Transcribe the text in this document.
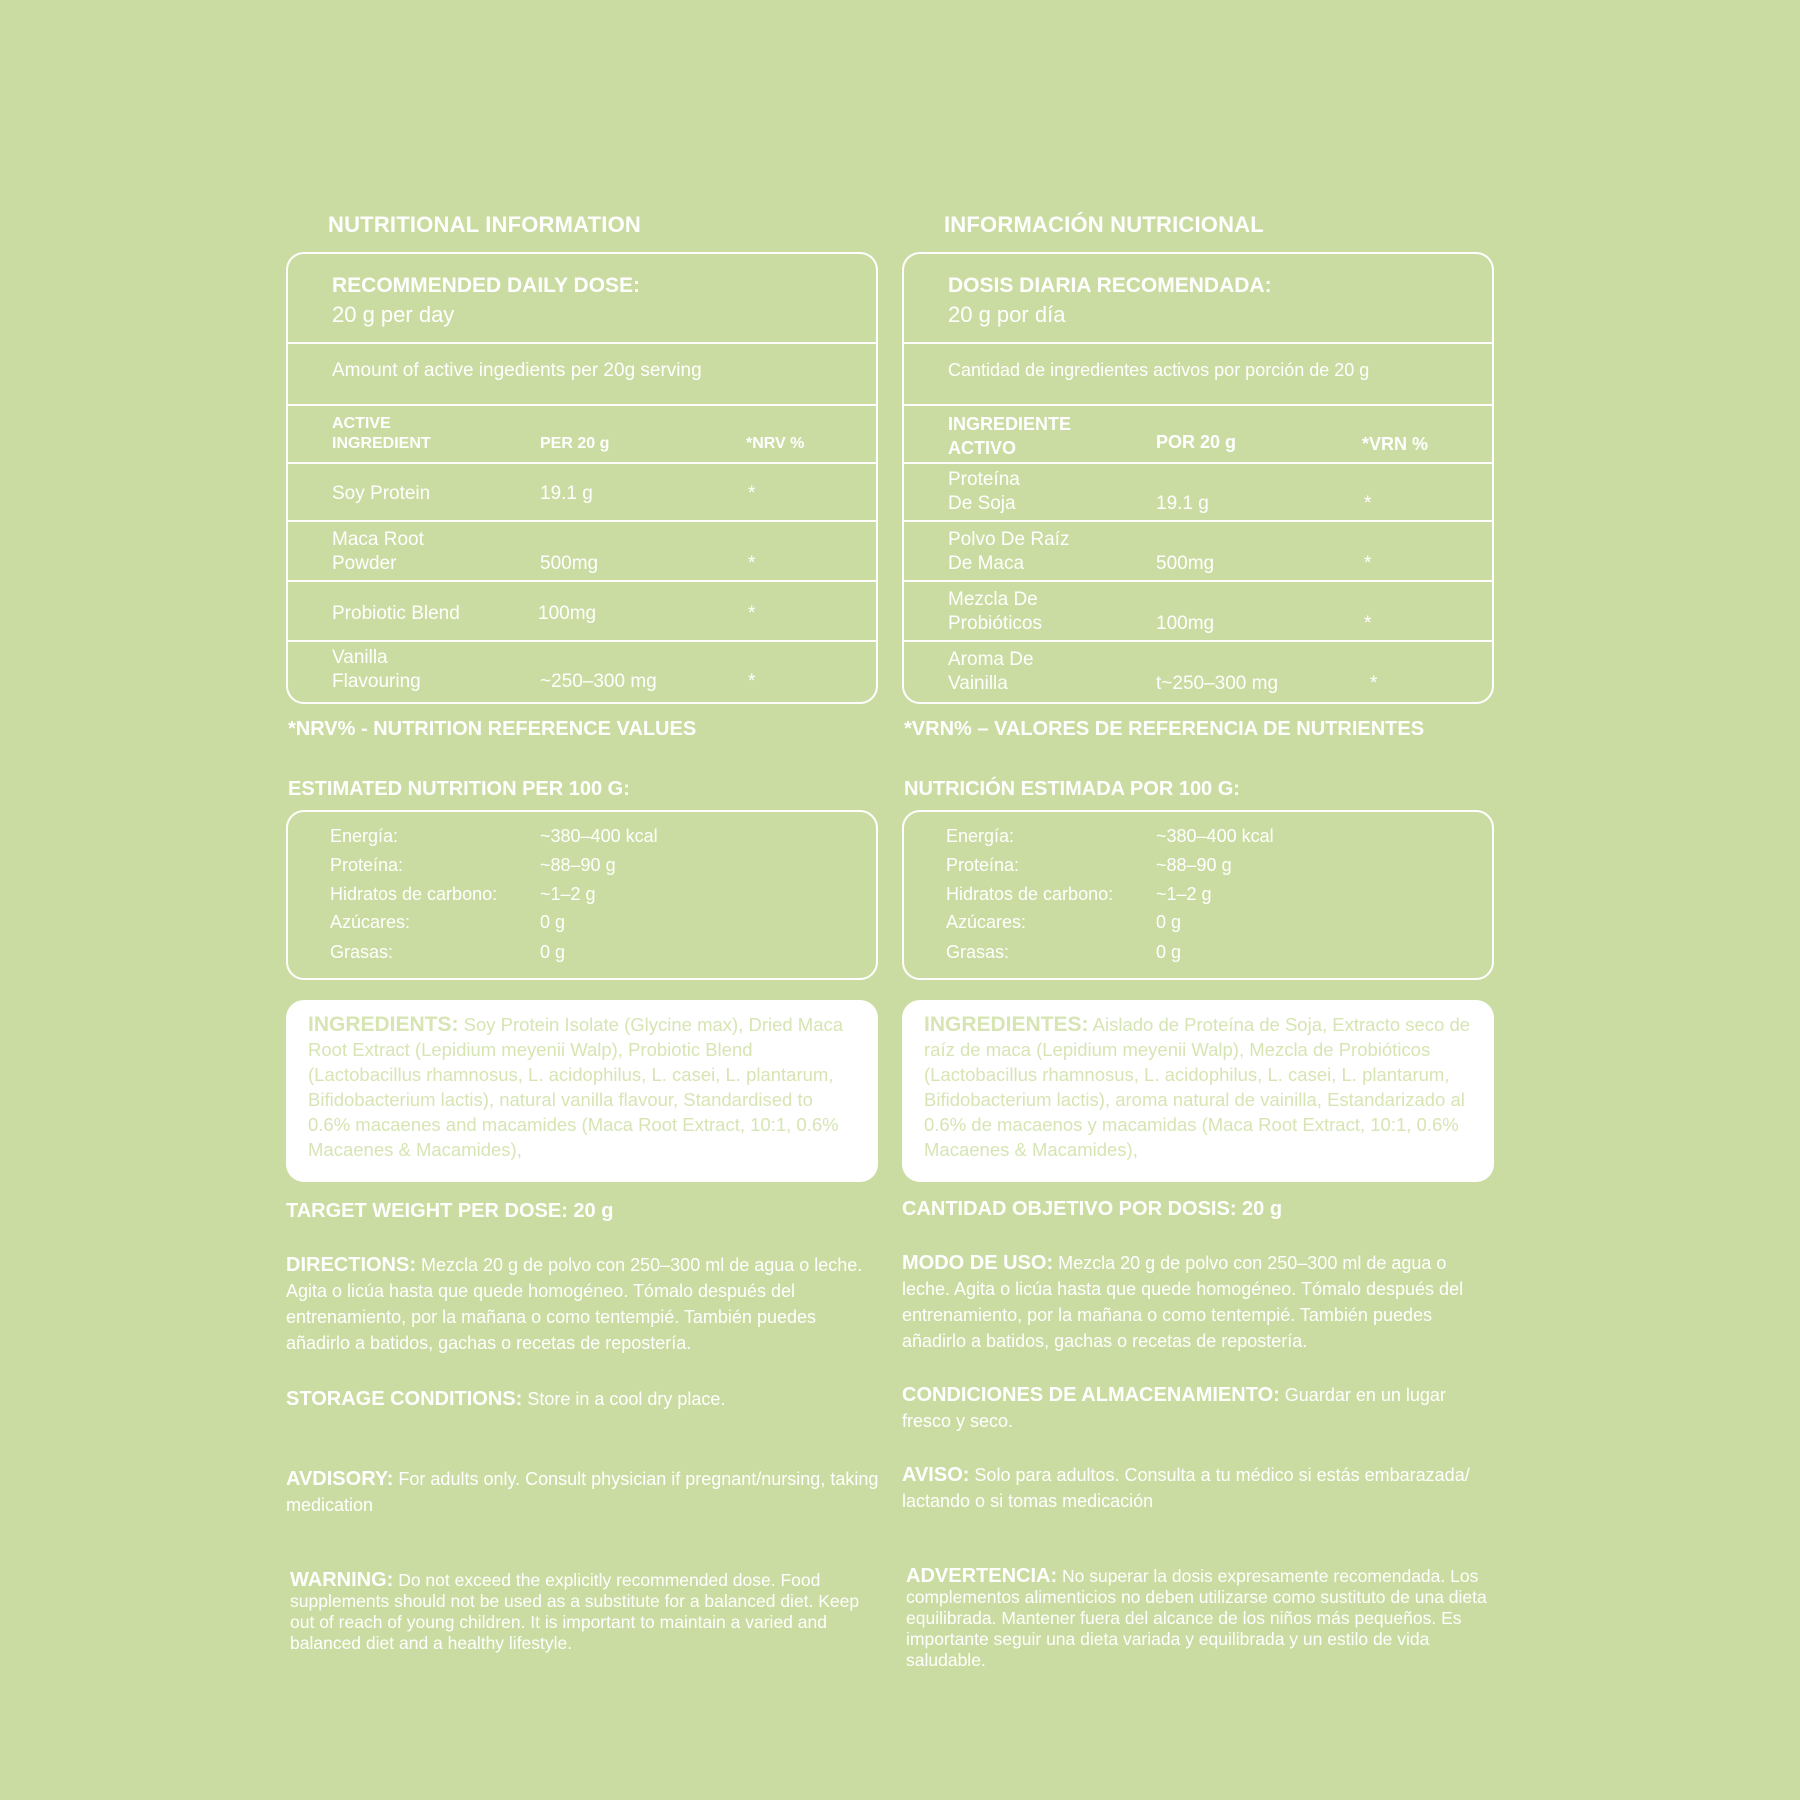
NUTRITIONAL INFORMATION
RECOMMENDED DAILY DOSE:
20 g per day
Amount of active ingedients per 20g serving
ACTIVE
INGREDIENT	PER 20 g	*NRV %
Soy Protein	19.1 g	*
Maca Root
Powder	500mg	*
Probiotic Blend	100mg	*
Vanilla
Flavouring	~250–300 mg	*
*NRV% - NUTRITION REFERENCE VALUES
ESTIMATED NUTRITION PER 100 G:
Energía:	~380–400 kcal
Proteína:	~88–90 g
Hidratos de carbono: ~1–2 g
Azúcares:	0 g
Grasas:	0 g
INGREDIENTS: Soy Protein Isolate (Glycine max), Dried Maca Root Extract (Lepidium meyenii Walp), Probiotic Blend (Lactobacillus rhamnosus, L. acidophilus, L. casei, L. plantarum, Bifidobacterium lactis), natural vanilla flavour, Standardised to 0.6% macaenes and macamides (Maca Root Extract, 10:1, 0.6% Macaenes & Macamides),
TARGET WEIGHT PER DOSE: 20 g
DIRECTIONS: Mezcla 20 g de polvo con 250–300 ml de agua o leche. Agita o licúa hasta que quede homogéneo. Tómalo después del entrenamiento, por la mañana o como tentempié. También puedes añadirlo a batidos, gachas o recetas de repostería.
STORAGE CONDITIONS: Store in a cool dry place.
AVDISORY: For adults only. Consult physician if pregnant/nursing, taking medication
WARNING: Do not exceed the explicitly recommended dose. Food supplements should not be used as a substitute for a balanced diet. Keep out of reach of young children. It is important to maintain a varied and balanced diet and a healthy lifestyle.
INFORMACIÓN NUTRICIONAL
DOSIS DIARIA RECOMENDADA:
20 g por día
Cantidad de ingredientes activos por porción de 20 g
INGREDIENTE
ACTIVO	POR 20 g	*VRN %
Proteína
De Soja	19.1 g	*
Polvo De Raíz
De Maca	500mg	*
Mezcla De
Probióticos	100mg	*
Aroma De
Vainilla	t~250–300 mg	*
*VRN% – VALORES DE REFERENCIA DE NUTRIENTES
NUTRICIÓN ESTIMADA POR 100 G:
Energía:	~380–400 kcal
Proteína:	~88–90 g
Hidratos de carbono: ~1–2 g
Azúcares:	0 g
Grasas:	0 g
INGREDIENTES: Aislado de Proteína de Soja, Extracto seco de raíz de maca (Lepidium meyenii Walp), Mezcla de Probióticos (Lactobacillus rhamnosus, L. acidophilus, L. casei, L. plantarum, Bifidobacterium lactis), aroma natural de vainilla, Estandarizado al 0.6% de macaenos y macamidas (Maca Root Extract, 10:1, 0.6% Macaenes & Macamides),
CANTIDAD OBJETIVO POR DOSIS: 20 g
MODO DE USO: Mezcla 20 g de polvo con 250–300 ml de agua o leche. Agita o licúa hasta que quede homogéneo. Tómalo después del entrenamiento, por la mañana o como tentempié. También puedes añadirlo a batidos, gachas o recetas de repostería.
CONDICIONES DE ALMACENAMIENTO: Guardar en un lugar fresco y seco.
AVISO: Solo para adultos. Consulta a tu médico si estás embarazada/ lactando o si tomas medicación
ADVERTENCIA: No superar la dosis expresamente recomendada. Los complementos alimenticios no deben utilizarse como sustituto de una dieta equilibrada. Mantener fuera del alcance de los niños más pequeños. Es importante seguir una dieta variada y equilibrada y un estilo de vida saludable.
